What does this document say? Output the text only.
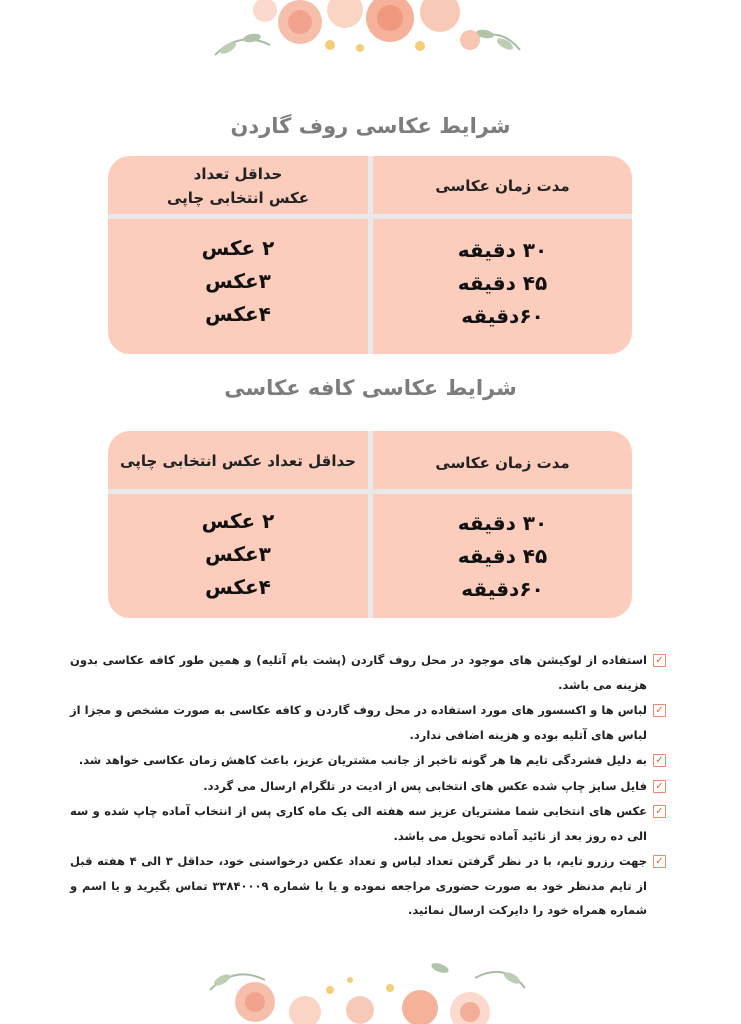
شرایط عکاسی روف گاردن
مدت زمان عکاسی
حداقل تعداد
عکس انتخابی چاپی
۳۰ دقیقه
۴۵ دقیقه
۶۰دقیقه
۲ عکس
۳عکس
۴عکس
شرایط عکاسی کافه عکاسی
مدت زمان عکاسی
حداقل تعداد عکس انتخابی چاپی
۳۰ دقیقه
۴۵ دقیقه
۶۰دقیقه
۲ عکس
۳عکس
۴عکس
✓
استفاده از لوکیشن های موجود در محل روف گاردن (پشت بام آتلیه) و همین طور کافه عکاسی بدون هزینه می باشد.
✓
لباس ها و اکسسور های مورد استفاده در محل روف گاردن و کافه عکاسی به صورت مشخص و مجزا از لباس های آتلیه بوده و هزینه اضافی ندارد.
✓
به دلیل فشردگی تایم ها هر گونه تاخیر از جانب مشتریان عزیز، باعث کاهش زمان عکاسی خواهد شد.
✓
فایل سایز چاپ شده عکس های انتخابی پس از ادیت در تلگرام ارسال می گردد.
✓
عکس های انتخابی شما مشتریان عزیز سه هفته الی یک ماه کاری پس از انتخاب آماده چاپ شده و سه الی ده روز بعد از تائید آماده تحویل می باشد.
✓
جهت رزرو تایم، با در نظر گرفتن تعداد لباس و تعداد عکس درخواستی خود، حداقل ۳ الی ۴ هفته قبل از تایم مدنظر خود به صورت حضوری مراجعه نموده و یا با شماره ۳۳۸۴۰۰۰۹ تماس بگیرید و یا اسم و شماره همراه خود را دایرکت ارسال نمائید.
